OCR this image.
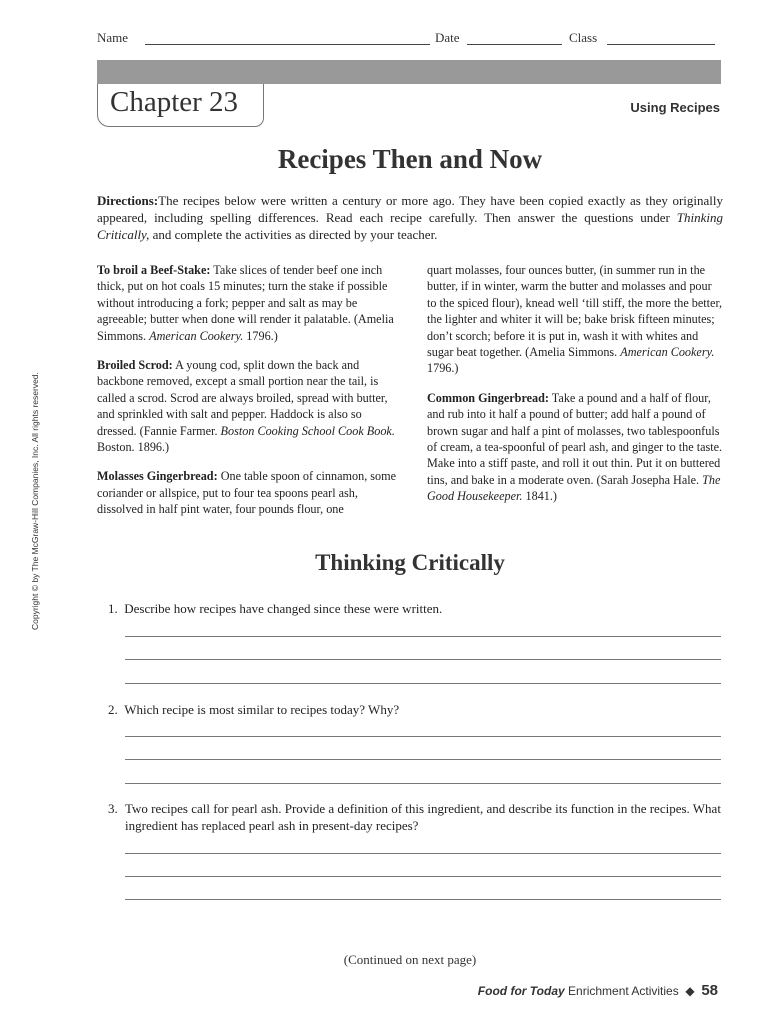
Name	Date	Class
Chapter 23	Using Recipes
Recipes Then and Now
Directions:The recipes below were written a century or more ago. They have been copied exactly as they originally appeared, including spelling differences. Read each recipe carefully. Then answer the questions under Thinking Critically, and complete the activities as directed by your teacher.

To broil a Beef-Stake: Take slices of tender beef one inch thick, put on hot coals 15 minutes; turn the stake if possible without introducing a fork; pepper and salt as may be agreeable; butter when done will render it palatable. (Amelia Simmons. American Cookery. 1796.)

Broiled Scrod: A young cod, split down the back and backbone removed, except a small portion near the tail, is called a scrod. Scrod are always broiled, spread with butter, and sprinkled with salt and pepper. Haddock is also so dressed. (Fannie Farmer. Boston Cooking School Cook Book. Boston. 1896.)

Molasses Gingerbread: One table spoon of cinnamon, some coriander or allspice, put to four tea spoons pearl ash, dissolved in half pint water, four pounds flour, one

quart molasses, four ounces butter, (in summer run in the butter, if in winter, warm the butter and molasses and pour to the spiced flour), knead well ‘till stiff, the more the better, the lighter and whiter it will be; bake brisk fifteen minutes; don’t scorch; before it is put in, wash it with whites and sugar beat together. (Amelia Simmons. American Cookery. 1796.)

Common Gingerbread: Take a pound and a half of flour, and rub into it half a pound of butter; add half a pound of brown sugar and half a pint of molasses, two tablespoonfuls of cream, a tea-spoonful of pearl ash, and ginger to the taste. Make into a stiff paste, and roll it out thin. Put it on buttered tins, and bake in a moderate oven. (Sarah Josepha Hale. The Good Housekeeper. 1841.)

Thinking Critically
1. Describe how recipes have changed since these were written.
2. Which recipe is most similar to recipes today? Why?
3. Two recipes call for pearl ash. Provide a definition of this ingredient, and describe its function in the recipes. What ingredient has replaced pearl ash in present-day recipes?
(Continued on next page)
Food for Today Enrichment Activities ◆ 58
Copyright © by The McGraw-Hill Companies, Inc. All rights reserved.
